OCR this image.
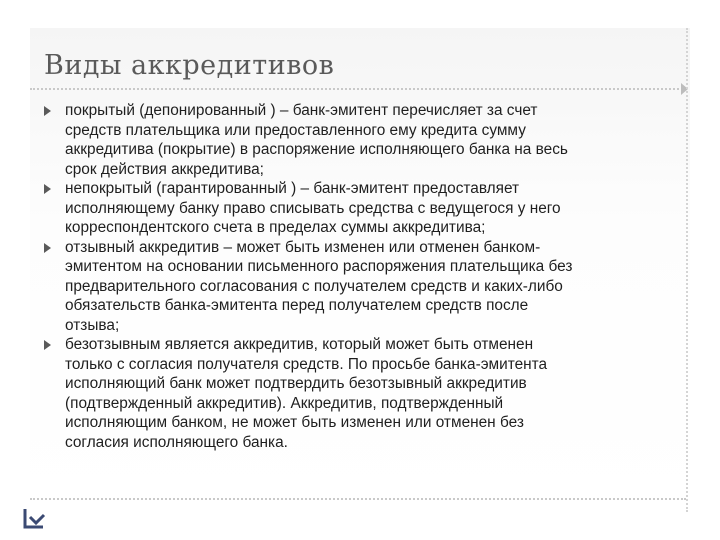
Виды аккредитивов
покрытый (депонированный ) – банк-эмитент перечисляет за счет
средств плательщика или предоставленного ему кредита сумму
аккредитива (покрытие) в распоряжение исполняющего банка на весь
срок действия аккредитива;
непокрытый (гарантированный ) – банк-эмитент предоставляет
исполняющему банку право списывать средства с ведущегося у него
корреспондентского счета в пределах суммы аккредитива;
отзывный аккредитив – может быть изменен или отменен банком-
эмитентом на основании письменного распоряжения плательщика без
предварительного согласования с получателем средств и каких-либо
обязательств банка-эмитента перед получателем средств после
отзыва;
безотзывным является аккредитив, который может быть отменен
только с согласия получателя средств. По просьбе банка-эмитента
исполняющий банк может подтвердить безотзывный аккредитив
(подтвержденный аккредитив). Аккредитив, подтвержденный
исполняющим банком, не может быть изменен или отменен без
согласия исполняющего банка.
